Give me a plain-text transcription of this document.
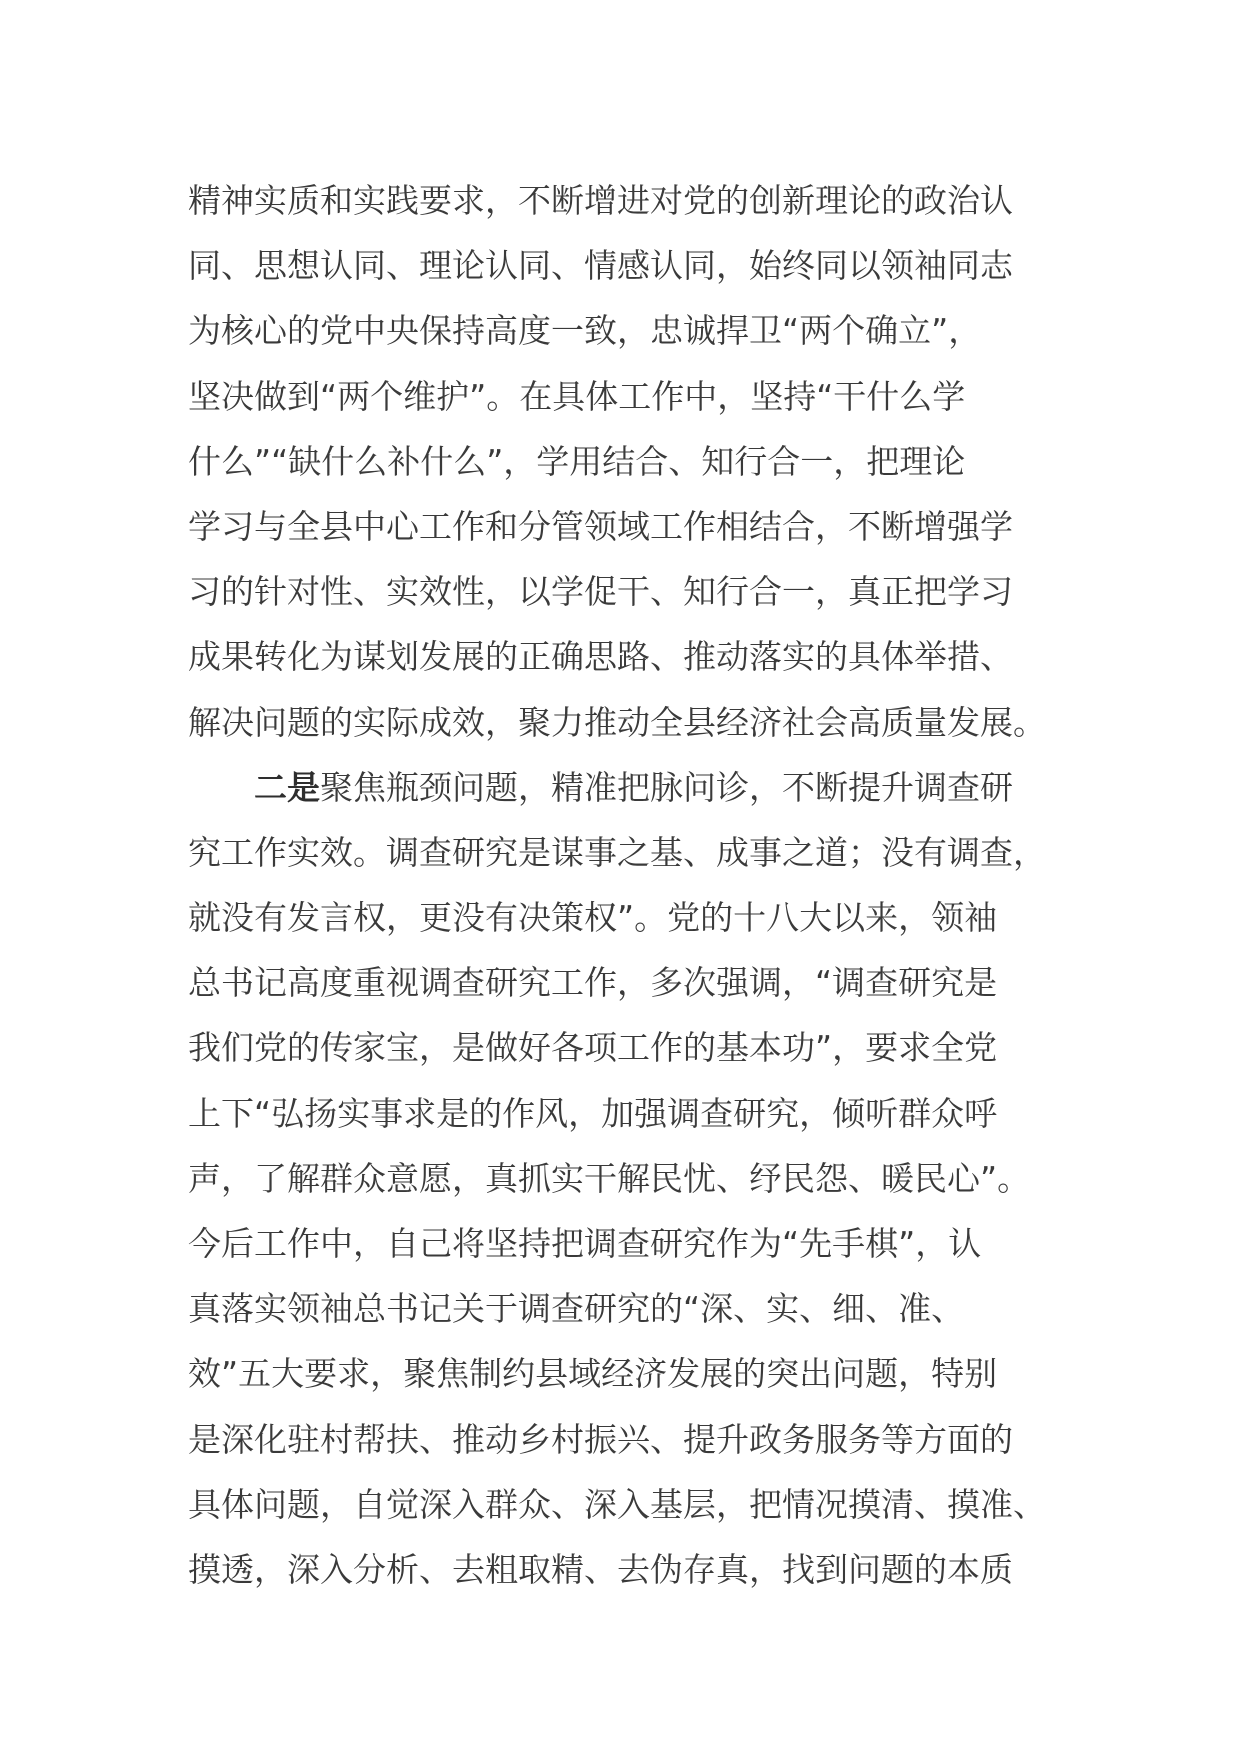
精神实质和实践要求，不断增进对党的创新理论的政治认
同、思想认同、理论认同、情感认同，始终同以领袖同志
为核心的党中央保持高度一致，忠诚捍卫“两个确立”，
坚决做到“两个维护”。在具体工作中，坚持“干什么学
什么”“缺什么补什么”，学用结合、知行合一，把理论
学习与全县中心工作和分管领域工作相结合，不断增强学
习的针对性、实效性，以学促干、知行合一，真正把学习
成果转化为谋划发展的正确思路、推动落实的具体举措、
解决问题的实际成效，聚力推动全县经济社会高质量发展。
二是聚焦瓶颈问题，精准把脉问诊，不断提升调查研
究工作实效。调查研究是谋事之基、成事之道；没有调查，
就没有发言权，更没有决策权”。党的十八大以来，领袖
总书记高度重视调查研究工作，多次强调，“调查研究是
我们党的传家宝，是做好各项工作的基本功”，要求全党
上下“弘扬实事求是的作风，加强调查研究，倾听群众呼
声，了解群众意愿，真抓实干解民忧、纾民怨、暖民心”。
今后工作中，自己将坚持把调查研究作为“先手棋”，认
真落实领袖总书记关于调查研究的“深、实、细、准、
效”五大要求，聚焦制约县域经济发展的突出问题，特别
是深化驻村帮扶、推动乡村振兴、提升政务服务等方面的
具体问题，自觉深入群众、深入基层，把情况摸清、摸准、
摸透，深入分析、去粗取精、去伪存真，找到问题的本质
